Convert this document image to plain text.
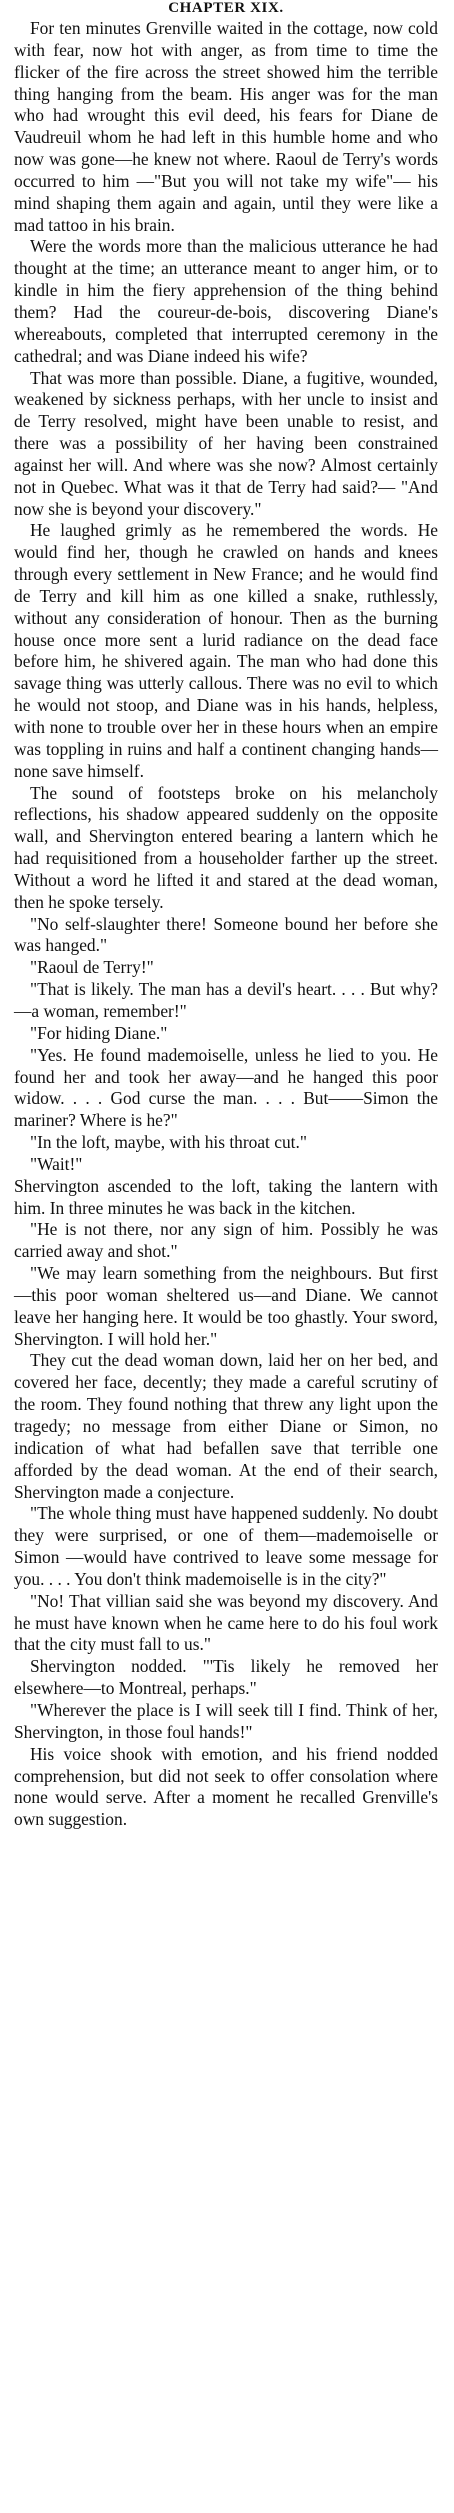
CHAPTER XIX.

For ten minutes Grenville waited in the cottage, now cold with fear, now hot with anger, as from time to time the flicker of the fire across the street showed him the terrible thing hanging from the beam. His anger was for the man who had wrought this evil deed, his fears for Diane de Vaudreuil whom he had left in this humble home and who now was gone—he knew not where. Raoul de Terry's words occurred to him —"But you will not take my wife"— his mind shaping them again and again, until they were like a mad tattoo in his brain.

Were the words more than the malicious utterance he had thought at the time; an utterance meant to anger him, or to kindle in him the fiery apprehension of the thing behind them? Had the coureur-de-bois, discovering Diane's whereabouts, completed that interrupted ceremony in the cathedral; and was Diane indeed his wife?

That was more than possible. Diane, a fugitive, wounded, weakened by sickness perhaps, with her uncle to insist and de Terry resolved, might have been unable to resist, and there was a possibility of her having been constrained against her will. And where was she now? Almost certainly not in Quebec. What was it that de Terry had said?— "And now she is beyond your discovery."

He laughed grimly as he remembered the words. He would find her, though he crawled on hands and knees through every settlement in New France; and he would find de Terry and kill him as one killed a snake, ruthlessly, without any consideration of honour. Then as the burning house once more sent a lurid radiance on the dead face before him, he shivered again. The man who had done this savage thing was utterly callous. There was no evil to which he would not stoop, and Diane was in his hands, helpless, with none to trouble over her in these hours when an empire was toppling in ruins and half a continent changing hands—none save himself.

The sound of footsteps broke on his melancholy reflections, his shadow appeared suddenly on the opposite wall, and Shervington entered bearing a lantern which he had requisitioned from a householder farther up the street. Without a word he lifted it and stared at the dead woman, then he spoke tersely.

"No self-slaughter there! Someone bound her before she was hanged."

"Raoul de Terry!"

"That is likely. The man has a devil's heart. . . . But why?—a woman, remember!"

"For hiding Diane."

"Yes. He found mademoiselle, unless he lied to you. He found her and took her away—and he hanged this poor widow. . . . God curse the man. . . . But——Simon the mariner? Where is he?"

"In the loft, maybe, with his throat cut."

"Wait!"

Shervington ascended to the loft, taking the lantern with him. In three minutes he was back in the kitchen.

"He is not there, nor any sign of him. Possibly he was carried away and shot."

"We may learn something from the neighbours. But first—this poor woman sheltered us—and Diane. We cannot leave her hanging here. It would be too ghastly. Your sword, Shervington. I will hold her."

They cut the dead woman down, laid her on her bed, and covered her face, decently; they made a careful scrutiny of the room. They found nothing that threw any light upon the tragedy; no message from either Diane or Simon, no indication of what had befallen save that terrible one afforded by the dead woman. At the end of their search, Shervington made a conjecture.

"The whole thing must have happened suddenly. No doubt they were surprised, or one of them—mademoiselle or Simon —would have contrived to leave some message for you. . . . You don't think mademoiselle is in the city?"

"No! That villian said she was beyond my discovery. And he must have known when he came here to do his foul work that the city must fall to us."

Shervington nodded. "'Tis likely he removed her elsewhere—to Montreal, perhaps."

"Wherever the place is I will seek till I find. Think of her, Shervington, in those foul hands!"

His voice shook with emotion, and his friend nodded comprehension, but did not seek to offer consolation where none would serve. After a moment he recalled Grenville's own suggestion.
